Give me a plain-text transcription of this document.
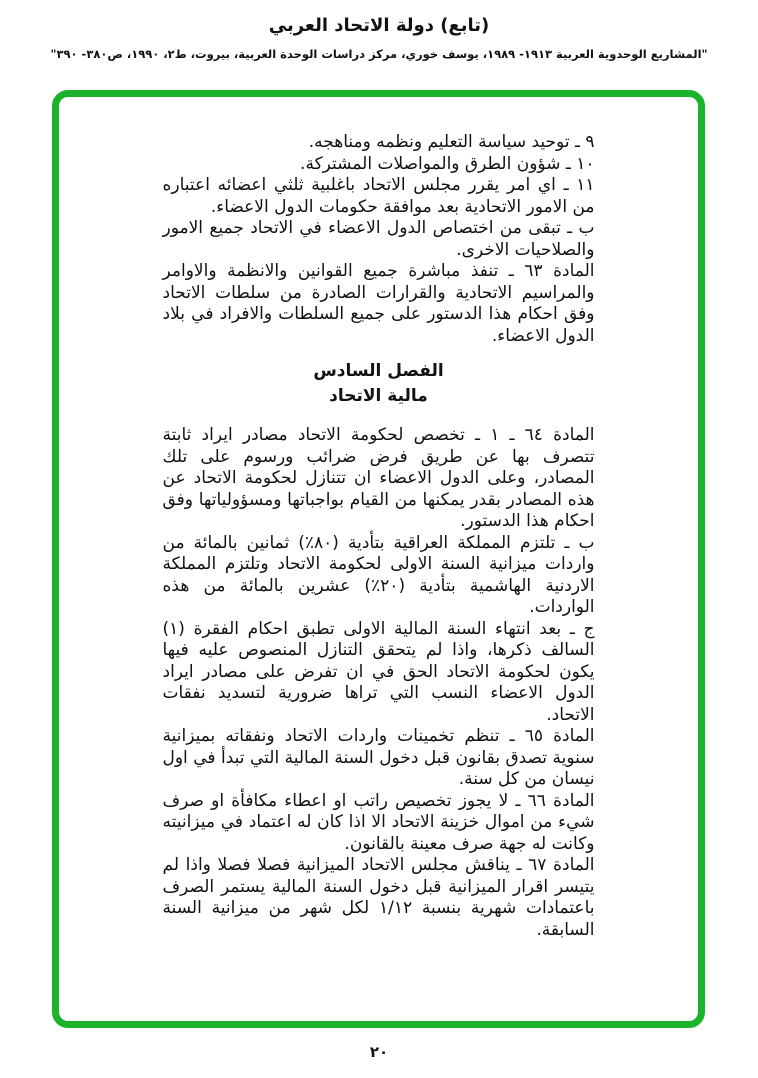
(تابع) دولة الاتحاد العربي
"المشاريع الوحدوية العربية ١٩١٣- ١٩٨٩، يوسف خوري، مركز دراسات الوحدة العربية، بيروت، ط٢، ١٩٩٠، ص٣٨٠- ٣٩٠"

٩ ـ توحيد سياسة التعليم ونظمه ومناهجه.

١٠ ـ شؤون الطرق والمواصلات المشتركة.

١١ ـ اي امر يقرر مجلس الاتحاد باغلبية ثلثي اعضائه اعتباره من الامور الاتحادية بعد موافقة حكومات الدول الاعضاء.

ب ـ تبقى من اختصاص الدول الاعضاء في الاتحاد جميع الامور والصلاحيات الاخرى.

المادة ٦٣ ـ تنفذ مباشرة جميع القوانين والانظمة والاوامر والمراسيم الاتحادية والقرارات الصادرة من سلطات الاتحاد وفق احكام هذا الدستور على جميع السلطات والافراد في بلاد الدول الاعضاء.

الفصل السادس
مالية الاتحاد

المادة ٦٤ ـ ١ ـ تخصص لحكومة الاتحاد مصادر ايراد ثابتة تتصرف بها عن طريق فرض ضرائب ورسوم على تلك المصادر، وعلى الدول الاعضاء ان تتنازل لحكومة الاتحاد عن هذه المصادر بقدر يمكنها من القيام بواجباتها ومسؤولياتها وفق احكام هذا الدستور.

ب ـ تلتزم المملكة العراقية بتأدية (٨٠٪) ثمانين بالمائة من واردات ميزانية السنة الاولى لحكومة الاتحاد وتلتزم المملكة الاردنية الهاشمية بتأدية (٢٠٪) عشرين بالمائة من هذه الواردات.

ج ـ بعد انتهاء السنة المالية الاولى تطبق احكام الفقرة (١) السالف ذكرها، واذا لم يتحقق التنازل المنصوص عليه فيها يكون لحكومة الاتحاد الحق في ان تفرض على مصادر ايراد الدول الاعضاء النسب التي تراها ضرورية لتسديد نفقات الاتحاد.

المادة ٦٥ ـ تنظم تخمينات واردات الاتحاد ونفقاته بميزانية سنوية تصدق بقانون قبل دخول السنة المالية التي تبدأ في اول نيسان من كل سنة.

المادة ٦٦ ـ لا يجوز تخصيص راتب او اعطاء مكافأة او صرف شيء من اموال خزينة الاتحاد الا اذا كان له اعتماد في ميزانيته وكانت له جهة صرف معينة بالقانون.

المادة ٦٧ ـ يناقش مجلس الاتحاد الميزانية فصلا فصلا واذا لم يتيسر اقرار الميزانية قبل دخول السنة المالية يستمر الصرف باعتمادات شهرية بنسبة ١/١٢ لكل شهر من ميزانية السنة السابقة.

٢٠
